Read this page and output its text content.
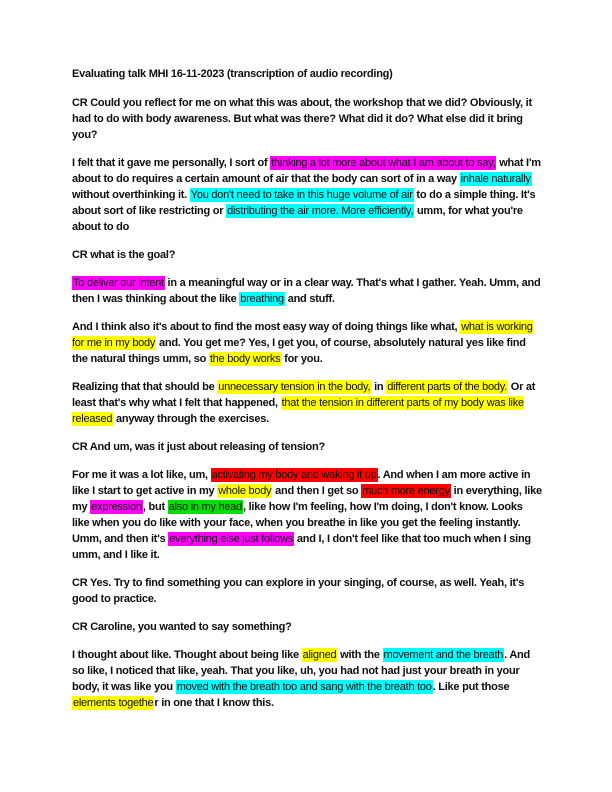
Evaluating talk MHI 16-11-2023 (transcription of audio recording)

CR Could you reflect for me on what this was about, the workshop that we did? Obviously, it had to do with body awareness. But what was there? What did it do? What else did it bring you?

I felt that it gave me personally, I sort of thinking a lot more about what I am about to say, what I'm about to do requires a certain amount of air that the body can sort of in a way inhale naturally without overthinking it. You don't need to take in this huge volume of air to do a simple thing. It's about sort of like restricting or distributing the air more. More efficiently, umm, for what you're about to do

CR what is the goal?

To deliver our intent in a meaningful way or in a clear way. That's what I gather. Yeah. Umm, and then I was thinking about the like breathing and stuff.

And I think also it's about to find the most easy way of doing things like what, what is working for me in my body and. You get me? Yes, I get you, of course, absolutely natural yes like find the natural things umm, so the body works for you.

Realizing that that should be unnecessary tension in the body, in different parts of the body. Or at least that's why what I felt that happened, that the tension in different parts of my body was like released anyway through the exercises.

CR And um, was it just about releasing of tension?

For me it was a lot like, um, activating my body and waking it up. And when I am more active in like I start to get active in my whole body and then I get so much more energy in everything, like my expression, but also in my head, like how I'm feeling, how I'm doing, I don't know. Looks like when you do like with your face, when you breathe in like you get the feeling instantly. Umm, and then it's everything else just follows and I, I don't feel like that too much when I sing umm, and I like it.

CR Yes. Try to find something you can explore in your singing, of course, as well. Yeah, it's good to practice.

CR Caroline, you wanted to say something?

I thought about like. Thought about being like aligned with the movement and the breath. And so like, I noticed that like, yeah. That you like, uh, you had not had just your breath in your body, it was like you moved with the breath too and sang with the breath too. Like put those elements together in one that I know this.
